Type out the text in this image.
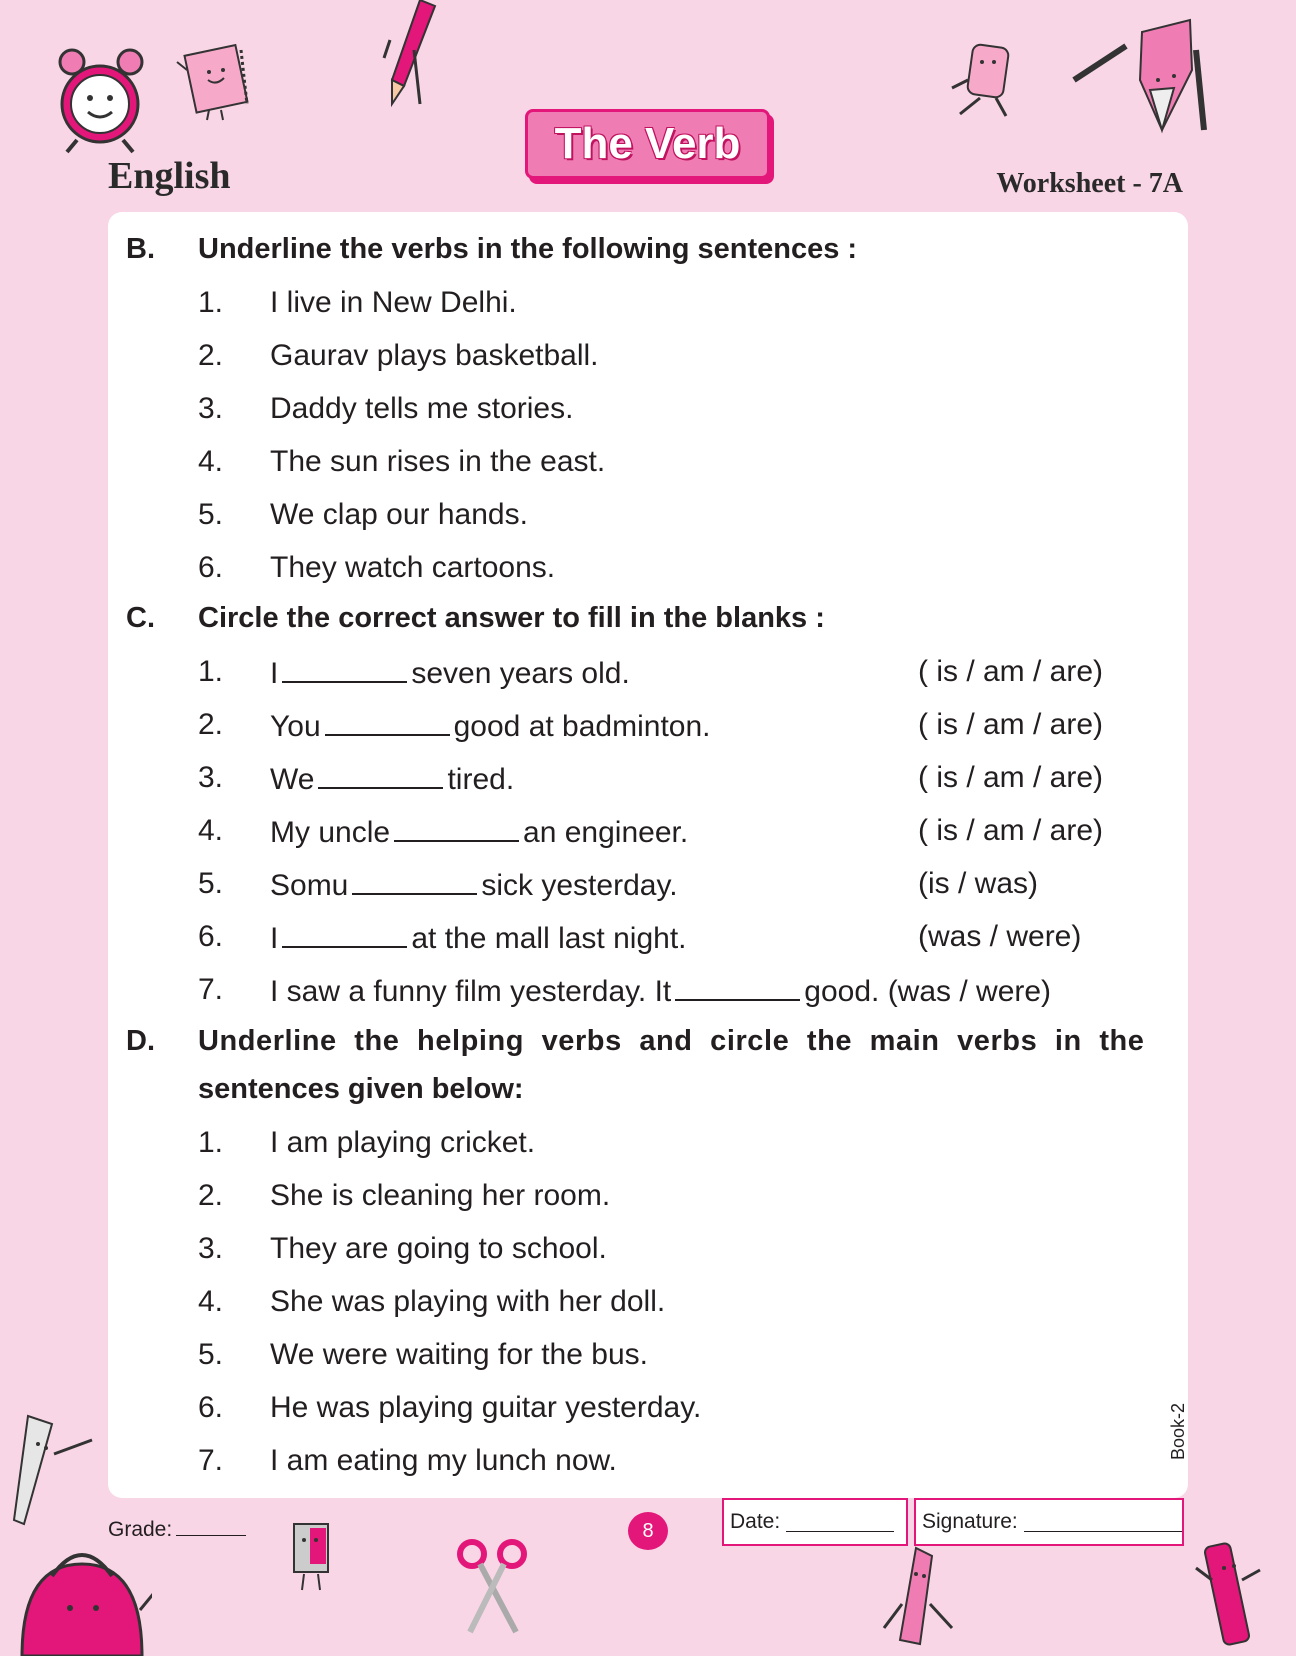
English
The Verb
Worksheet - 7A
B. Underline the verbs in the following sentences :
1. I live in New Delhi.
2. Gaurav plays basketball.
3. Daddy tells me stories.
4. The sun rises in the east.
5. We clap our hands.
6. They watch cartoons.
C. Circle the correct answer to fill in the blanks :
1. I	seven years old.	( is / am / are)
2. You	good at badminton.	( is / am / are)
3. We	tired.	( is / am / are)
4. My uncle	an engineer.	( is / am / are)
5. Somu	sick yesterday.	(is / was)
6. I	at the mall last night.	(was / were)
7. I saw a funny film yesterday. It	good. (was / were)
D. Underline the helping verbs and circle the main verbs in the
sentences given below:
1. I am playing cricket.
2. She is cleaning her room.
3. They are going to school.
4. She was playing with her doll.
5. We were waiting for the bus.
6. He was playing guitar yesterday.
7. I am eating my lunch now.
Book-2
Grade:	8	Date:	Signature:
